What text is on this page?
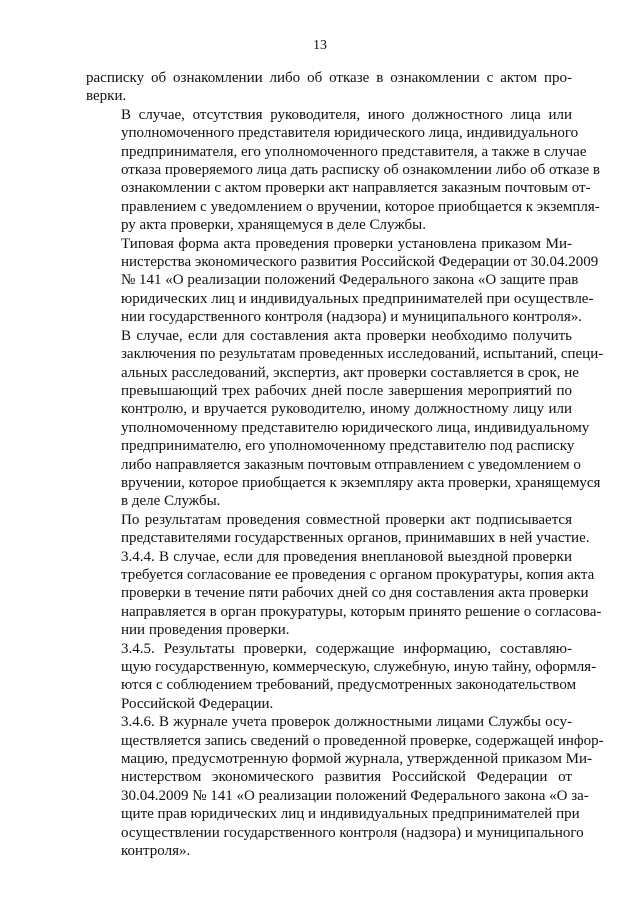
13

расписку об ознакомлении либо об отказе в ознакомлении с актом про-
верки.

В случае, отсутствия руководителя, иного должностного лица или
уполномоченного представителя юридического лица, индивидуального
предпринимателя, его уполномоченного представителя, а также в случае
отказа проверяемого лица дать расписку об ознакомлении либо об отказе в
ознакомлении с актом проверки акт направляется заказным почтовым от-
правлением с уведомлением о вручении, которое приобщается к экземпля-
ру акта проверки, хранящемуся в деле Службы.

Типовая форма акта проведения проверки установлена приказом Ми-
нистерства экономического развития Российской Федерации от 30.04.2009
№ 141 «О реализации положений Федерального закона «О защите прав
юридических лиц и индивидуальных предпринимателей при осуществле-
нии государственного контроля (надзора) и муниципального контроля».

В случае, если для составления акта проверки необходимо получить
заключения по результатам проведенных исследований, испытаний, специ-
альных расследований, экспертиз, акт проверки составляется в срок, не
превышающий трех рабочих дней после завершения мероприятий по
контролю, и вручается руководителю, иному должностному лицу или
уполномоченному представителю юридического лица, индивидуальному
предпринимателю, его уполномоченному представителю под расписку
либо направляется заказным почтовым отправлением с уведомлением о
вручении, которое приобщается к экземпляру акта проверки, хранящемуся
в деле Службы.

По результатам проведения совместной проверки акт подписывается
представителями государственных органов, принимавших в ней участие.

3.4.4. В случае, если для проведения внеплановой выездной проверки
требуется согласование ее проведения с органом прокуратуры, копия акта
проверки в течение пяти рабочих дней со дня составления акта проверки
направляется в орган прокуратуры, которым принято решение о согласова-
нии проведения проверки.

3.4.5. Результаты проверки, содержащие информацию, составляю-
щую государственную, коммерческую, служебную, иную тайну, оформля-
ются с соблюдением требований, предусмотренных законодательством
Российской Федерации.

3.4.6. В журнале учета проверок должностными лицами Службы осу-
ществляется запись сведений о проведенной проверке, содержащей инфор-
мацию, предусмотренную формой журнала, утвержденной приказом Ми-
нистерством экономического развития Российской Федерации от
30.04.2009 № 141 «О реализации положений Федерального закона «О за-
щите прав юридических лиц и индивидуальных предпринимателей при
осуществлении государственного контроля (надзора) и муниципального
контроля».
